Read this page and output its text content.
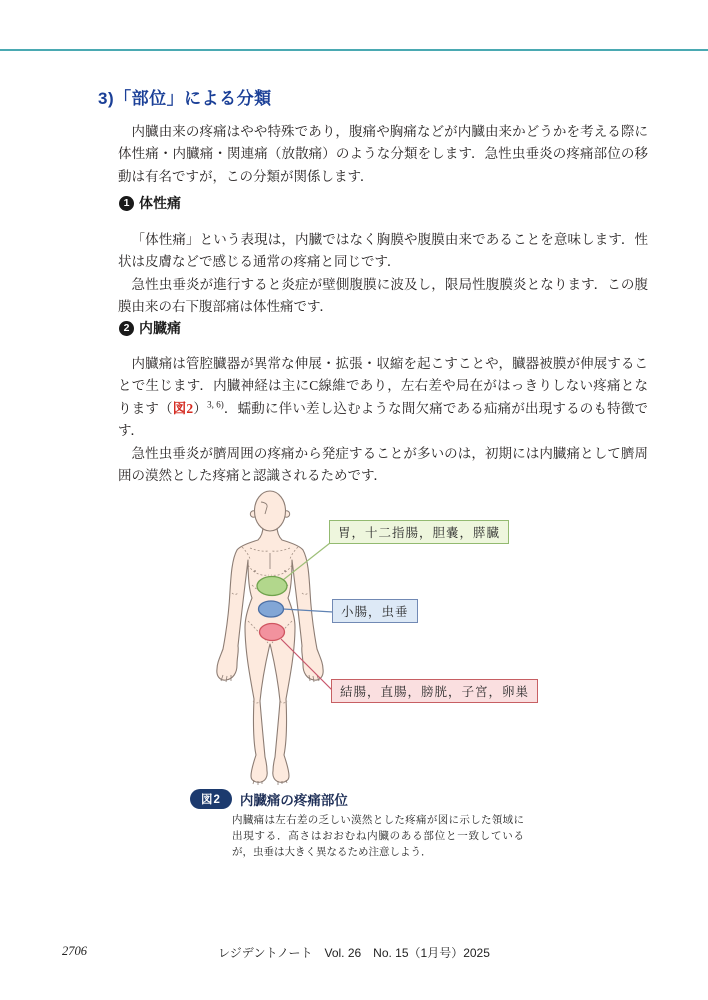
3)「部位」による分類

内臓由来の疼痛はやや特殊であり，腹痛や胸痛などが内臓由来かどうかを考える際に体性痛・内臓痛・関連痛（放散痛）のような分類をします．急性虫垂炎の疼痛部位の移動は有名ですが，この分類が関係します．

1 体性痛

「体性痛」という表現は，内臓ではなく胸膜や腹膜由来であることを意味します．性状は皮膚などで感じる通常の疼痛と同じです．

急性虫垂炎が進行すると炎症が壁側腹膜に波及し，限局性腹膜炎となります．この腹膜由来の右下腹部痛は体性痛です．

2 内臓痛

内臓痛は管腔臓器が異常な伸展・拡張・収縮を起こすことや，臓器被膜が伸展することで生じます．内臓神経は主にC線維であり，左右差や局在がはっきりしない疼痛となります（図2）$^{3, 6)}$．蠕動に伴い差し込むような間欠痛である疝痛が出現するのも特徴です．

急性虫垂炎が臍周囲の疼痛から発症することが多いのは，初期には内臓痛として臍周囲の漠然とした疼痛と認識されるためです．

胃，十二指腸，胆嚢，膵臓
小腸，虫垂
結腸，直腸，膀胱，子宮，卵巣
図2	内臓痛の疼痛部位
内臓痛は左右差の乏しい漠然とした疼痛が図に示した領域に出現する．高さはおおむね内臓のある部位と一致しているが，虫垂は大きく異なるため注意しよう．
2706	レジデントノート　Vol. 26　No. 15（1月号）2025
